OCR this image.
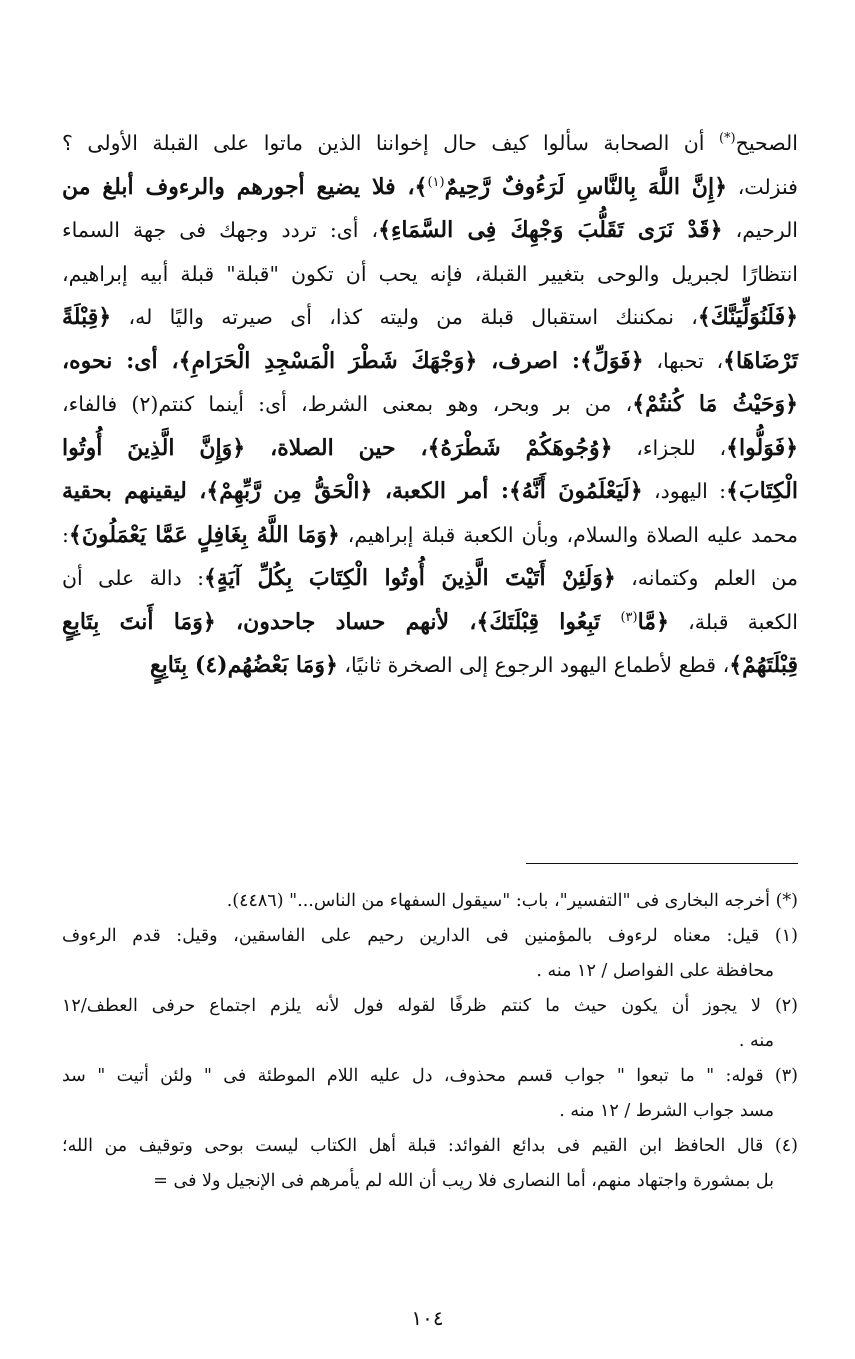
الصحيح(*) أن الصحابة سألوا كيف حال إخواننا الذين ماتوا على القبلة الأولى ؟
فنزلت، ﴿إِنَّ اللَّهَ بِالنَّاسِ لَرَءُوفٌ رَّحِيمٌ$^{(١)}$﴾، فلا يضيع أجورهم والرءوف أبلغ من
الرحيم، ﴿قَدْ نَرَى تَقَلُّبَ وَجْهِكَ فِى السَّمَاءِ﴾، أى: تردد وجهك فى جهة السماء
انتظارًا لجبريل والوحى بتغيير القبلة، فإنه يحب أن تكون "قبلة" قبلة أبيه إبراهيم،
﴿فَلَنُوَلِّيَنَّكَ﴾، نمكننك استقبال قبلة من وليته كذا، أى صيرته واليًا له، ﴿قِبْلَةً
تَرْضَاهَا﴾، تحبها، ﴿فَوَلِّ﴾: اصرف، ﴿وَجْهَكَ شَطْرَ الْمَسْجِدِ الْحَرَامِ﴾، أى: نحوه،
﴿وَحَيْثُ مَا كُنتُمْ﴾، من بر وبحر، وهو بمعنى الشرط، أى: أينما كنتم(٢) فالفاء،
﴿فَوَلُّوا﴾، للجزاء، ﴿وُجُوهَكُمْ شَطْرَهُ﴾، حين الصلاة، ﴿وَإِنَّ الَّذِينَ أُوتُوا
الْكِتَابَ﴾: اليهود، ﴿لَيَعْلَمُونَ أَنَّهُ﴾: أمر الكعبة، ﴿الْحَقُّ مِن رَّبِّهِمْ﴾، ليقينهم بحقية
محمد عليه الصلاة والسلام، وبأن الكعبة قبلة إبراهيم، ﴿وَمَا اللَّهُ بِغَافِلٍ عَمَّا يَعْمَلُونَ﴾:
من العلم وكتمانه، ﴿وَلَئِنْ أَتَيْتَ الَّذِينَ أُوتُوا الْكِتَابَ بِكُلِّ آيَةٍ﴾: دالة على أن
الكعبة قبلة، ﴿مَّا$^{(٣)}$ تَبِعُوا قِبْلَتَكَ﴾، لأنهم حساد جاحدون، ﴿وَمَا أَنتَ بِتَابِعٍ
قِبْلَتَهُمْ﴾، قطع لأطماع اليهود الرجوع إلى الصخرة ثانيًا، ﴿وَمَا بَعْضُهُم(٤) بِتَابِعٍ
(*) أخرجه البخارى فى "التفسير"، باب: "سيقول السفهاء من الناس..." (٤٤٨٦).
(١) قيل: معناه لرءوف بالمؤمنين فى الدارين رحيم على الفاسقين، وقيل: قدم الرءوف
محافظة على الفواصل / ١٢ منه .
(٢) لا يجوز أن يكون حيث ما كنتم ظرفًا لقوله فول لأنه يلزم اجتماع حرفى العطف/١٢
منه .
(٣) قوله: " ما تبعوا " جواب قسم محذوف، دل عليه اللام الموطئة فى " ولئن أتيت " سد
مسد جواب الشرط / ١٢ منه .
(٤) قال الحافظ ابن القيم فى بدائع الفوائد: قبلة أهل الكتاب ليست بوحى وتوقيف من الله؛
بل بمشورة واجتهاد منهم، أما النصارى فلا ريب أن الله لم يأمرهم فى الإنجيل ولا فى =
١٠٤
